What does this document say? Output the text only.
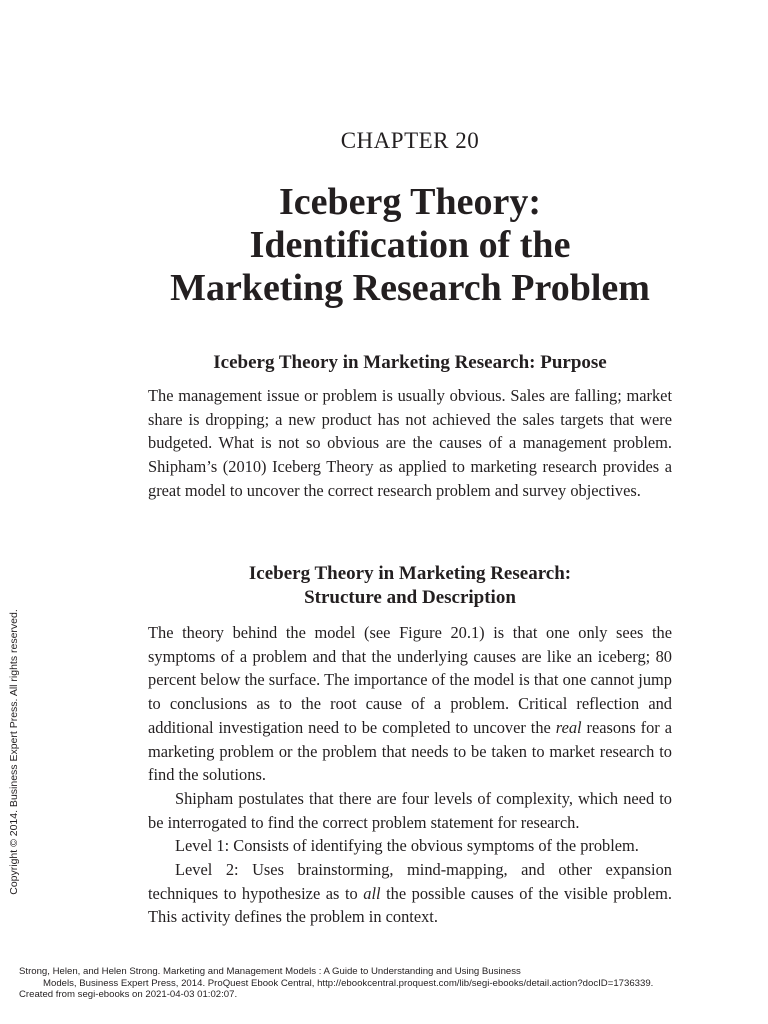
CHAPTER 20
Iceberg Theory:
Identification of the
Marketing Research Problem
Iceberg Theory in Marketing Research: Purpose

The management issue or problem is usually obvious. Sales are falling; market share is dropping; a new product has not achieved the sales targets that were budgeted. What is not so obvious are the causes of a management problem. Shipham’s (2010) Iceberg Theory as applied to marketing research provides a great model to uncover the correct research problem and survey objectives.

Iceberg Theory in Marketing Research:
Structure and Description

The theory behind the model (see Figure 20.1) is that one only sees the symptoms of a problem and that the underlying causes are like an iceberg; 80 percent below the surface. The importance of the model is that one cannot jump to conclusions as to the root cause of a problem. Critical reflection and additional investigation need to be completed to uncover the real reasons for a marketing problem or the problem that needs to be taken to market research to find the solutions.

Shipham postulates that there are four levels of complexity, which need to be interrogated to find the correct problem statement for research.

Level 1: Consists of identifying the obvious symptoms of the problem.

Level 2: Uses brainstorming, mind-mapping, and other expansion techniques to hypothesize as to all the possible causes of the visible problem. This activity defines the problem in context.

Copyright © 2014. Business Expert Press. All rights reserved.
Strong, Helen, and Helen Strong. Marketing and Management Models : A Guide to Understanding and Using Business
Models, Business Expert Press, 2014. ProQuest Ebook Central, http://ebookcentral.proquest.com/lib/segi-ebooks/detail.action?docID=1736339.
Created from segi-ebooks on 2021-04-03 01:02:07.
